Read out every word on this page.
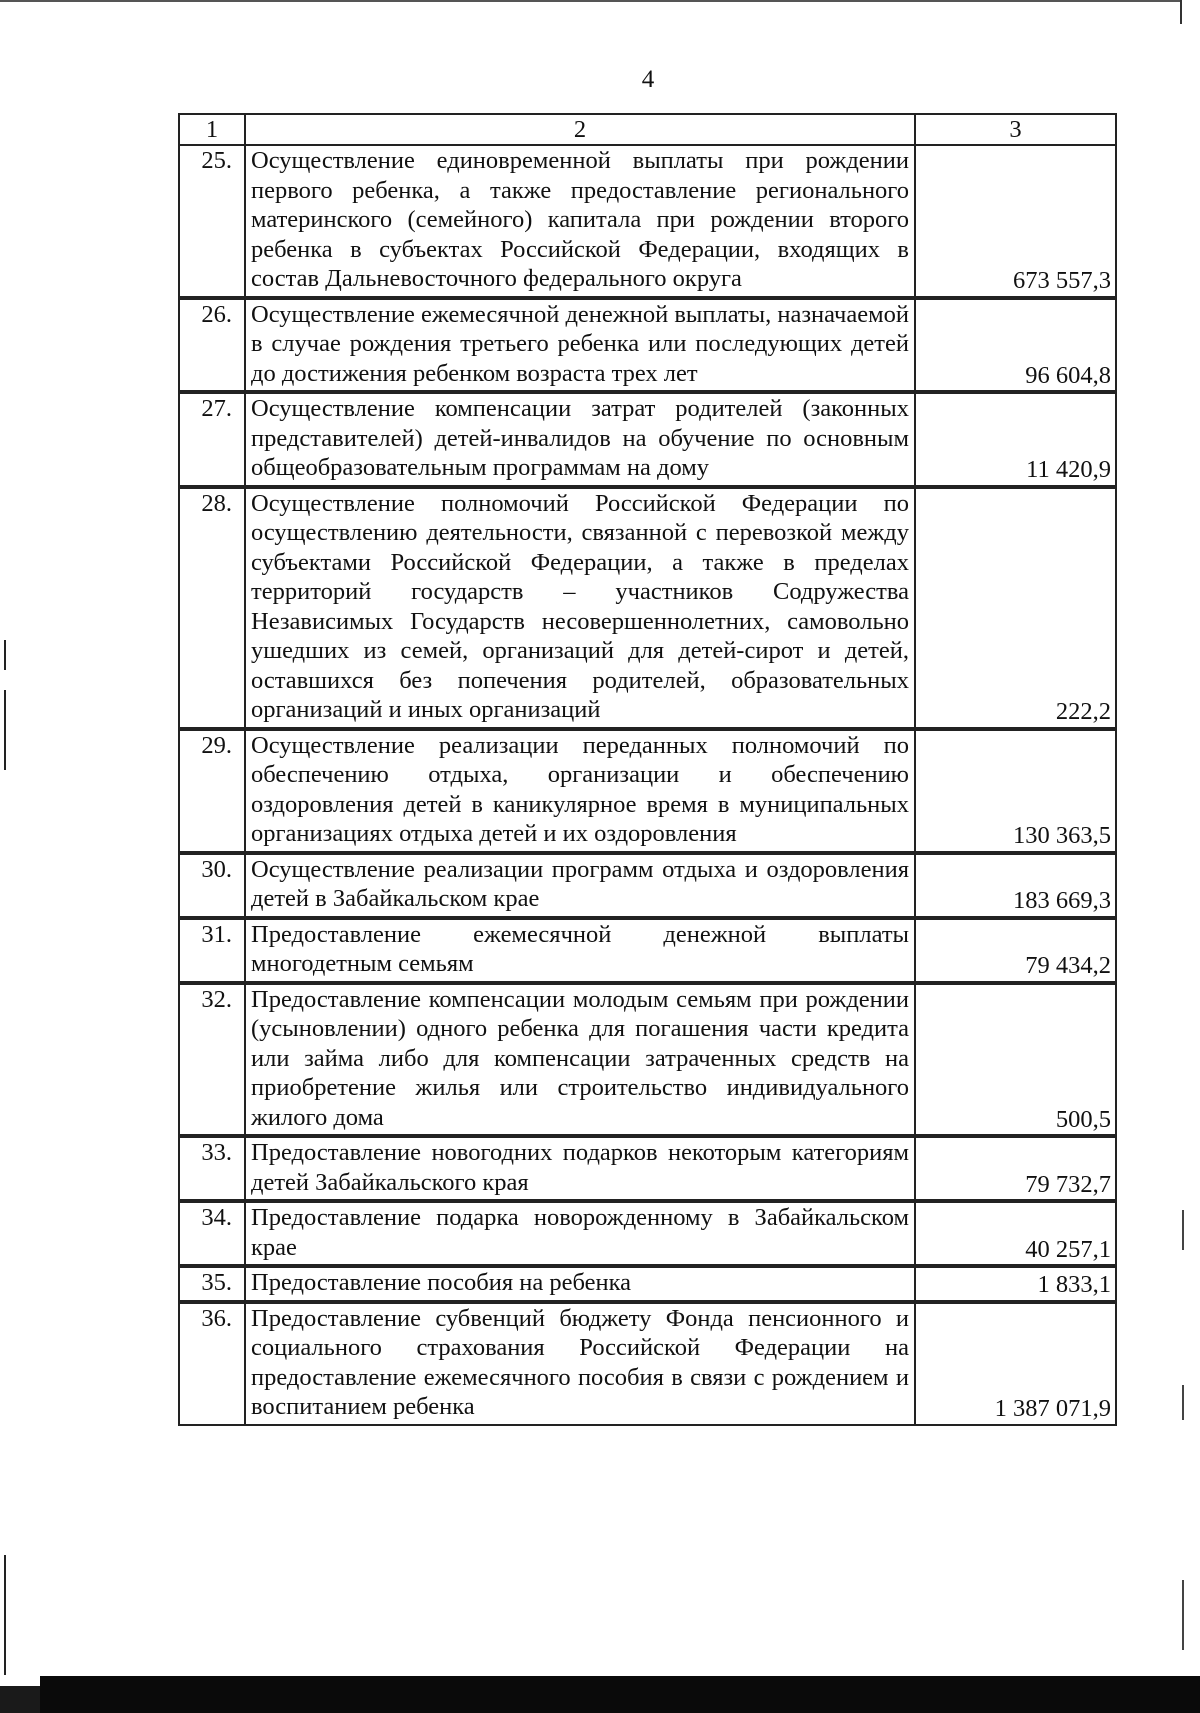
4
1	2	3
25.	Осуществление единовременной выплаты при рождении первого ребенка, а также предоставление регионального материнского (семейного) капитала при рождении второго ребенка в субъектах Российской Федерации, входящих в состав Дальневосточного федерального округа	673 557,3
26.	Осуществление ежемесячной денежной выплаты, назначаемой в случае рождения третьего ребенка или последующих детей до достижения ребенком возраста трех лет	96 604,8
27.	Осуществление компенсации затрат родителей (законных представителей) детей-инвалидов на обучение по основным общеобразовательным программам на дому	11 420,9
28.	Осуществление полномочий Российской Федерации по осуществлению деятельности, связанной с перевозкой между субъектами Российской Федерации, а также в пределах территорий государств – участников Содружества Независимых Государств несовершеннолетних, самовольно ушедших из семей, организаций для детей-сирот и детей, оставшихся без попечения родителей, образовательных организаций и иных организаций	222,2
29.	Осуществление реализации переданных полномочий по обеспечению отдыха, организации и обеспечению оздоровления детей в каникулярное время в муниципальных организациях отдыха детей и их оздоровления	130 363,5
30.	Осуществление реализации программ отдыха и оздоровления детей в Забайкальском крае	183 669,3
31.	Предоставление ежемесячной денежной выплаты многодетным семьям	79 434,2
32.	Предоставление компенсации молодым семьям при рождении (усыновлении) одного ребенка для погашения части кредита или займа либо для компенсации затраченных средств на приобретение жилья или строительство индивидуального жилого дома	500,5
33.	Предоставление новогодних подарков некоторым категориям детей Забайкальского края	79 732,7
34.	Предоставление подарка новорожденному в Забайкальском крае	40 257,1
35.	Предоставление пособия на ребенка	1 833,1
36.	Предоставление субвенций бюджету Фонда пенсионного и социального страхования Российской Федерации на предоставление ежемесячного пособия в связи с рождением и воспитанием ребенка	1 387 071,9
